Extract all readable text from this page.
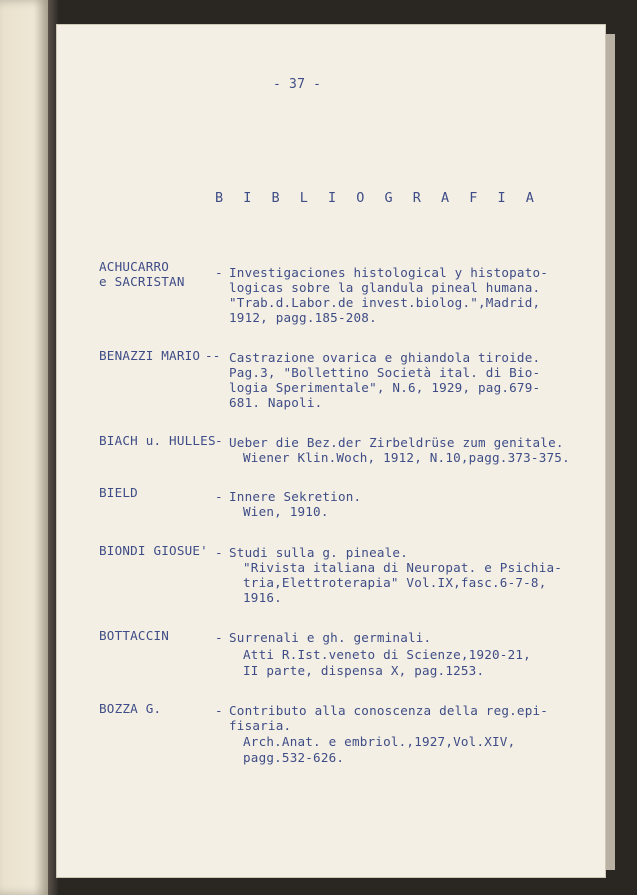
- 37 -
B I B L I O G R A F I A
ACHUCARRO
e SACRISTAN
- Investigaciones histological y histopato-
logicas sobre la glandula pineal humana.
"Trab.d.Labor.de invest.biolog.",Madrid,
1912, pagg.185-208.
BENAZZI MARIO -- Castrazione ovarica e ghiandola tiroide.
Pag.3, "Bollettino Società ital. di Bio-
logia Sperimentale", N.6, 1929, pag.679-
681. Napoli.
BIACH u. HULLES - Ueber die Bez.der Zirbeldrüse zum genitale.
Wiener Klin.Woch, 1912, N.10,pagg.373-375.
BIELD	- Innere Sekretion.
Wien, 1910.
BIONDI GIOSUE' - Studi sulla g. pineale.
"Rivista italiana di Neuropat. e Psichia-
tria,Elettroterapia" Vol.IX,fasc.6-7-8,
1916.
BOTTACCIN	- Surrenali e gh. germinali.
Atti R.Ist.veneto di Scienze,1920-21,
II parte, dispensa X, pag.1253.
BOZZA G.	- Contributo alla conoscenza della reg.epi-
fisaria.
Arch.Anat. e embriol.,1927,Vol.XIV,
pagg.532-626.
